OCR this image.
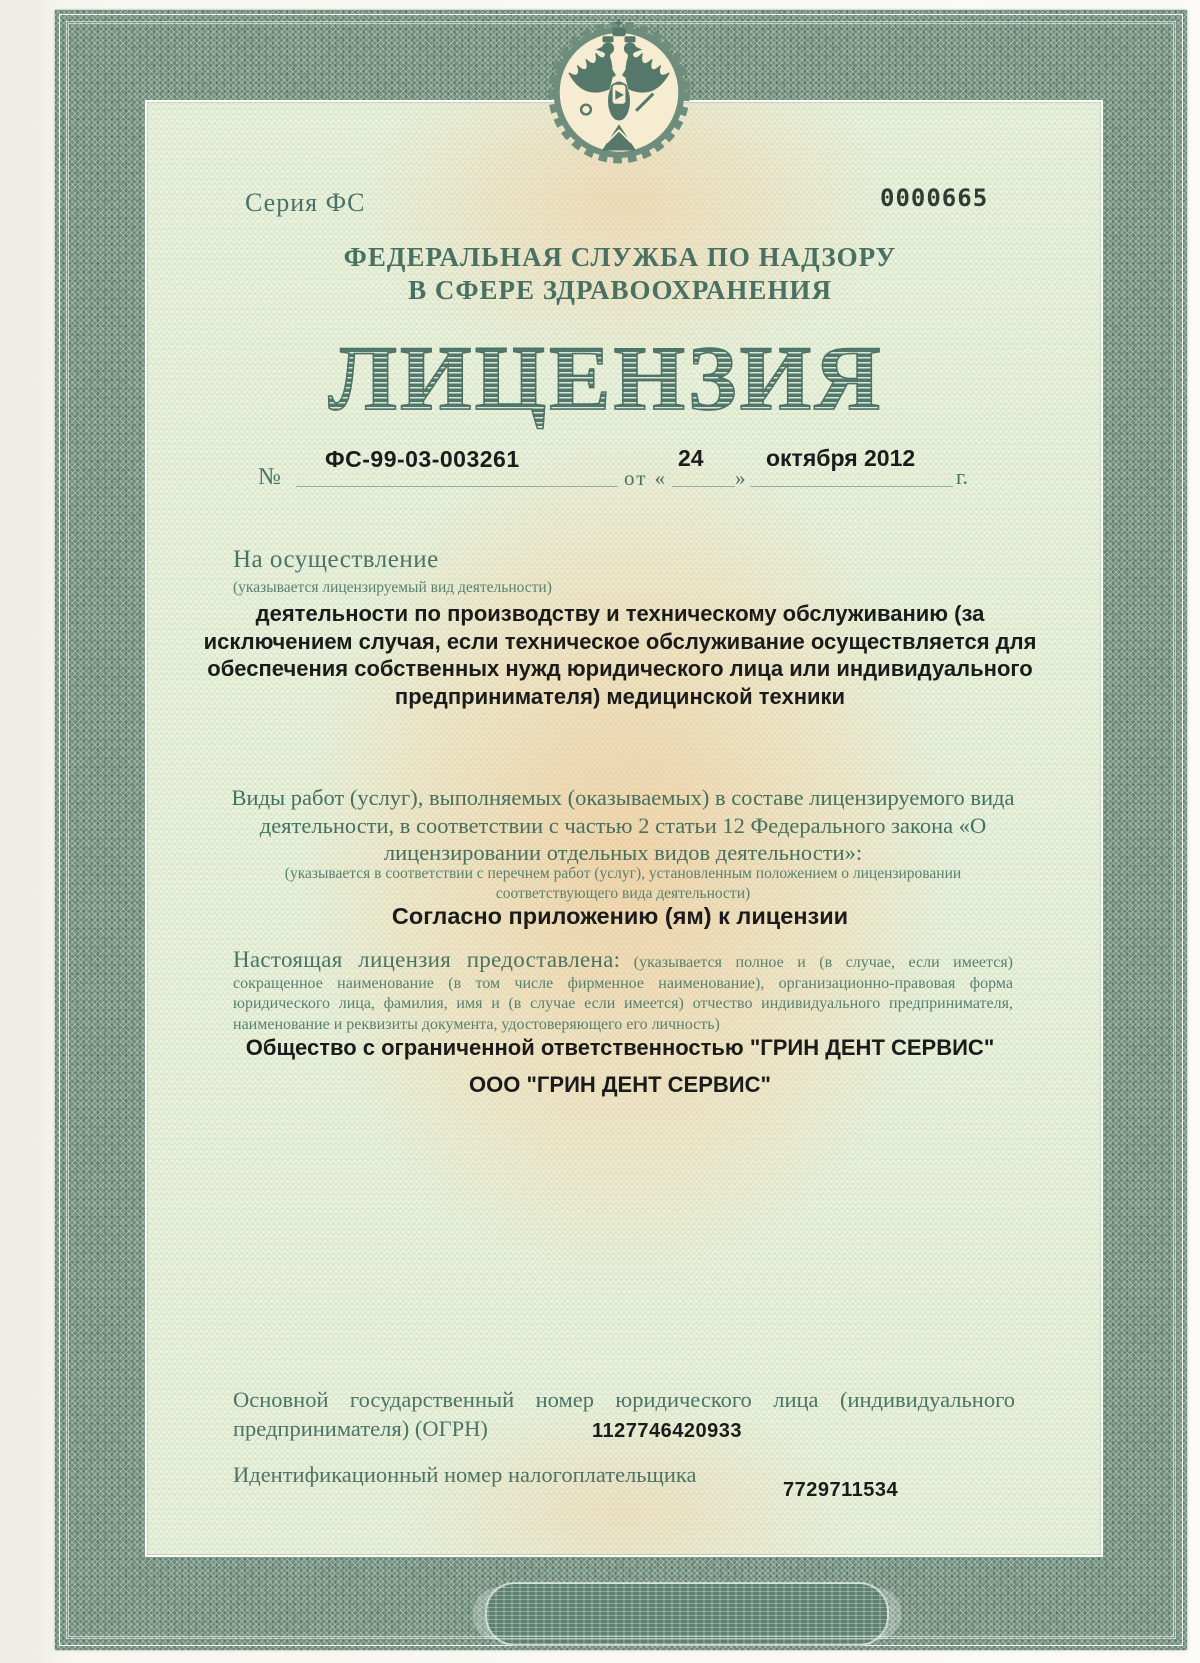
Серия ФС	0000665
ФЕДЕРАЛЬНАЯ СЛУЖБА ПО НАДЗОРУ
В СФЕРЕ ЗДРАВООХРАНЕНИЯ
ЛИЦЕНЗИЯ
№
ФС-99-03-003261
от «
24
»
октября 2012
г.
На осуществление
(указывается лицензируемый вид деятельности)
деятельности по производству и техническому обслуживанию (за исключением случая, если техническое обслуживание осуществляется для обеспечения собственных нужд юридического лица или индивидуального предпринимателя) медицинской техники
Виды работ (услуг), выполняемых (оказываемых) в составе лицензируемого вида деятельности, в соответствии с частью 2 статьи 12 Федерального закона «О лицензировании отдельных видов деятельности»:
(указывается в соответствии с перечнем работ (услуг), установленным положением о лицензировании соответствующего вида деятельности)
Согласно приложению (ям) к лицензии
Настоящая лицензия предоставлена: (указывается полное и (в случае, если имеется) сокращенное наименование (в том числе фирменное наименование), организационно-правовая форма юридического лица, фамилия, имя и (в случае если имеется) отчество индивидуального предпринимателя, наименование и реквизиты документа, удостоверяющего его личность)
Общество с ограниченной ответственностью "ГРИН ДЕНТ СЕРВИС"
ООО "ГРИН ДЕНТ СЕРВИС"
Основной государственный номер юридического лица (индивидуального предпринимателя) (ОГРН)	1127746420933
Идентификационный номер налогоплательщика
7729711534
